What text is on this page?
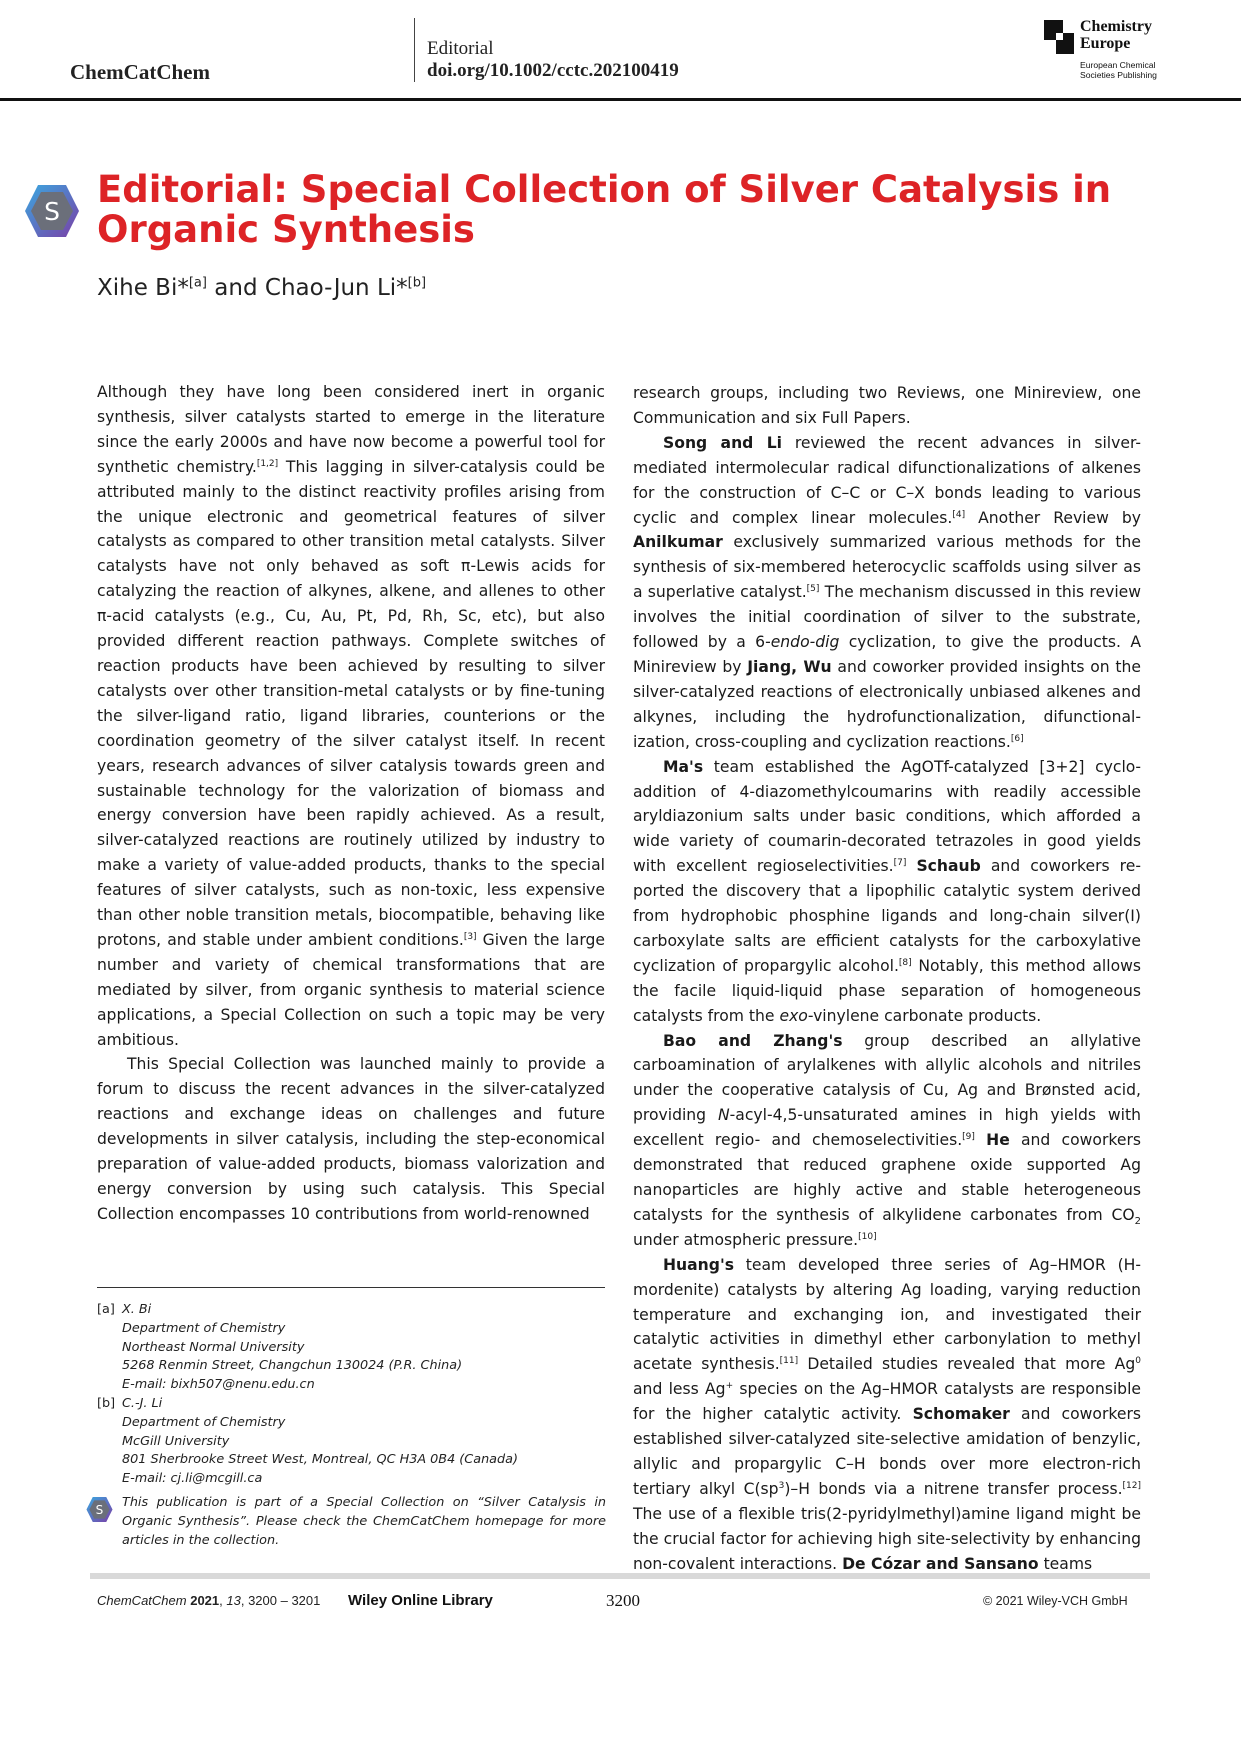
ChemCatChem
Editorial
doi.org/10.1002/cctc.202100419
Chemistry
Europe
European Chemical
Societies Publishing
S
Editorial: Special Collection of Silver Catalysis in Organic Synthesis
Xihe Bi*[a] and Chao-Jun Li*[b]

Although they have long been considered inert in organic synthesis, silver catalysts started to emerge in the literature since the early 2000s and have now become a powerful tool for synthetic chemistry.[1,2] This lagging in silver-catalysis could be attributed mainly to the distinct reactivity profiles arising from the unique electronic and geometrical features of silver catalysts as compared to other transition metal catalysts. Silver catalysts have not only behaved as soft π-Lewis acids for catalyzing the reaction of alkynes, alkene, and allenes to other π-acid catalysts (e.g., Cu, Au, Pt, Pd, Rh, Sc, etc), but also provided different reaction pathways. Complete switches of reaction products have been achieved by resulting to silver catalysts over other transition-metal catalysts or by fine-tuning the silver-ligand ratio, ligand libraries, counterions or the coordination geometry of the silver catalyst itself. In recent years, research advances of silver catalysis towards green and sustainable technology for the valorization of biomass and energy conversion have been rapidly achieved. As a result, silver-catalyzed reactions are routinely utilized by industry to make a variety of value-added products, thanks to the special features of silver catalysts, such as non-toxic, less expensive than other noble transition metals, biocompatible, behaving like protons, and stable under ambient conditions.[3] Given the large number and variety of chemical transformations that are mediated by silver, from organic synthesis to material science applications, a Special Collection on such a topic may be very ambitious.

This Special Collection was launched mainly to provide a forum to discuss the recent advances in the silver-catalyzed reactions and exchange ideas on challenges and future developments in silver catalysis, including the step-economical preparation of value-added products, biomass valorization and energy conversion by using such catalysis. This Special Collection encompasses 10 contributions from world-renowned

research groups, including two Reviews, one Minireview, one Communication and six Full Papers.

Song and Li reviewed the recent advances in silver-mediated intermolecular radical difunctionalizations of alkenes for the construction of C–C or C–X bonds leading to various cyclic and complex linear molecules.[4] Another Review by Anilkumar exclusively summarized various methods for the synthesis of six-membered heterocyclic scaffolds using silver as a superlative catalyst.[5] The mechanism discussed in this review involves the initial coordination of silver to the substrate, followed by a 6-endo-dig cyclization, to give the products. A Minireview by Jiang, Wu and coworker provided insights on the silver-catalyzed reactions of electronically unbiased alkenes and alkynes, including the hydrofunctionalization, difunctionalization, cross-coupling and cyclization reactions.[6]

Ma's team established the AgOTf-catalyzed [3+2] cycloaddition of 4-diazomethylcoumarins with readily accessible aryldiazonium salts under basic conditions, which afforded a wide variety of coumarin-decorated tetrazoles in good yields with excellent regioselectivities.[7] Schaub and coworkers reported the discovery that a lipophilic catalytic system derived from hydrophobic phosphine ligands and long-chain silver(I) carboxylate salts are efficient catalysts for the carboxylative cyclization of propargylic alcohol.[8] Notably, this method allows the facile liquid-liquid phase separation of homogeneous catalysts from the exo-vinylene carbonate products.

Bao and Zhang's group described an allylative carboamination of arylalkenes with allylic alcohols and nitriles under the cooperative catalysis of Cu, Ag and Brønsted acid, providing N-acyl-4,5-unsaturated amines in high yields with excellent regio- and chemoselectivities.[9] He and coworkers demonstrated that reduced graphene oxide supported Ag nanoparticles are highly active and stable heterogeneous catalysts for the synthesis of alkylidene carbonates from $CO_2$ under atmospheric pressure.[10]

Huang's team developed three series of Ag–HMOR (H-mordenite) catalysts by altering Ag loading, varying reduction temperature and exchanging ion, and investigated their catalytic activities in dimethyl ether carbonylation to methyl acetate synthesis.[11] Detailed studies revealed that more Ag$^0$ and less Ag+ species on the Ag–HMOR catalysts are responsible for the higher catalytic activity. Schomaker and coworkers established silver-catalyzed site-selective amidation of benzylic, allylic and propargylic C–H bonds over more electron-rich tertiary alkyl $C(sp^3)-H$ bonds via a nitrene transfer process.[12] The use of a flexible tris(2-pyridylmethyl)amine ligand might be the crucial factor for achieving high site-selectivity by enhancing non-covalent interactions. De Cózar and Sansano teams

[a] X. Bi
Department of Chemistry
Northeast Normal University
5268 Renmin Street, Changchun 130024 (P.R. China)
E-mail: bixh507@nenu.edu.cn
[b] C.-J. Li
Department of Chemistry
McGill University
801 Sherbrooke Street West, Montreal, QC H3A 0B4 (Canada)
E-mail: cj.li@mcgill.ca
S This publication is part of a Special Collection on “Silver Catalysis in Organic Synthesis”. Please check the ChemCatChem homepage for more articles in the collection.
ChemCatChem 2021, 13, 3200 – 3201 Wiley Online Library	3200	© 2021 Wiley-VCH GmbH
